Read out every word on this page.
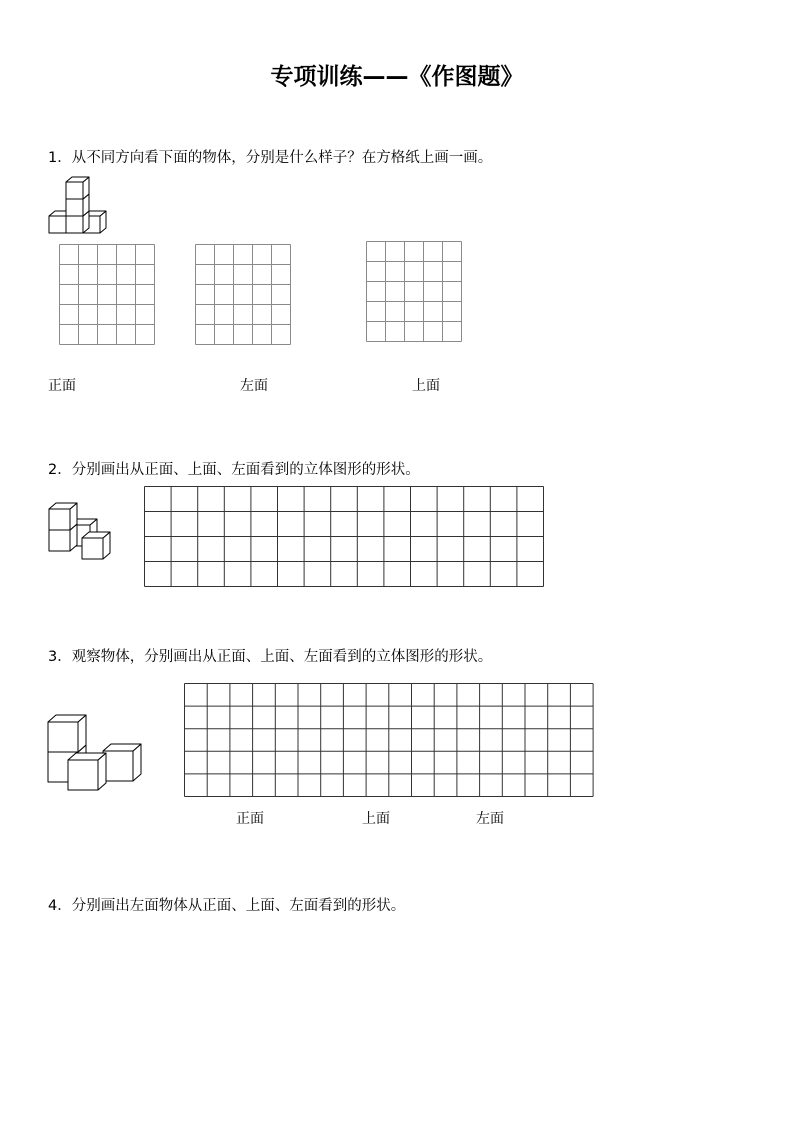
专项训练——《作图题》
1．从不同方向看下面的物体，分别是什么样子？在方格纸上画一画。
正面	左面	上面
2．分别画出从正面、上面、左面看到的立体图形的形状。
3．观察物体，分别画出从正面、上面、左面看到的立体图形的形状。
正面	上面	左面
4．分别画出左面物体从正面、上面、左面看到的形状。
